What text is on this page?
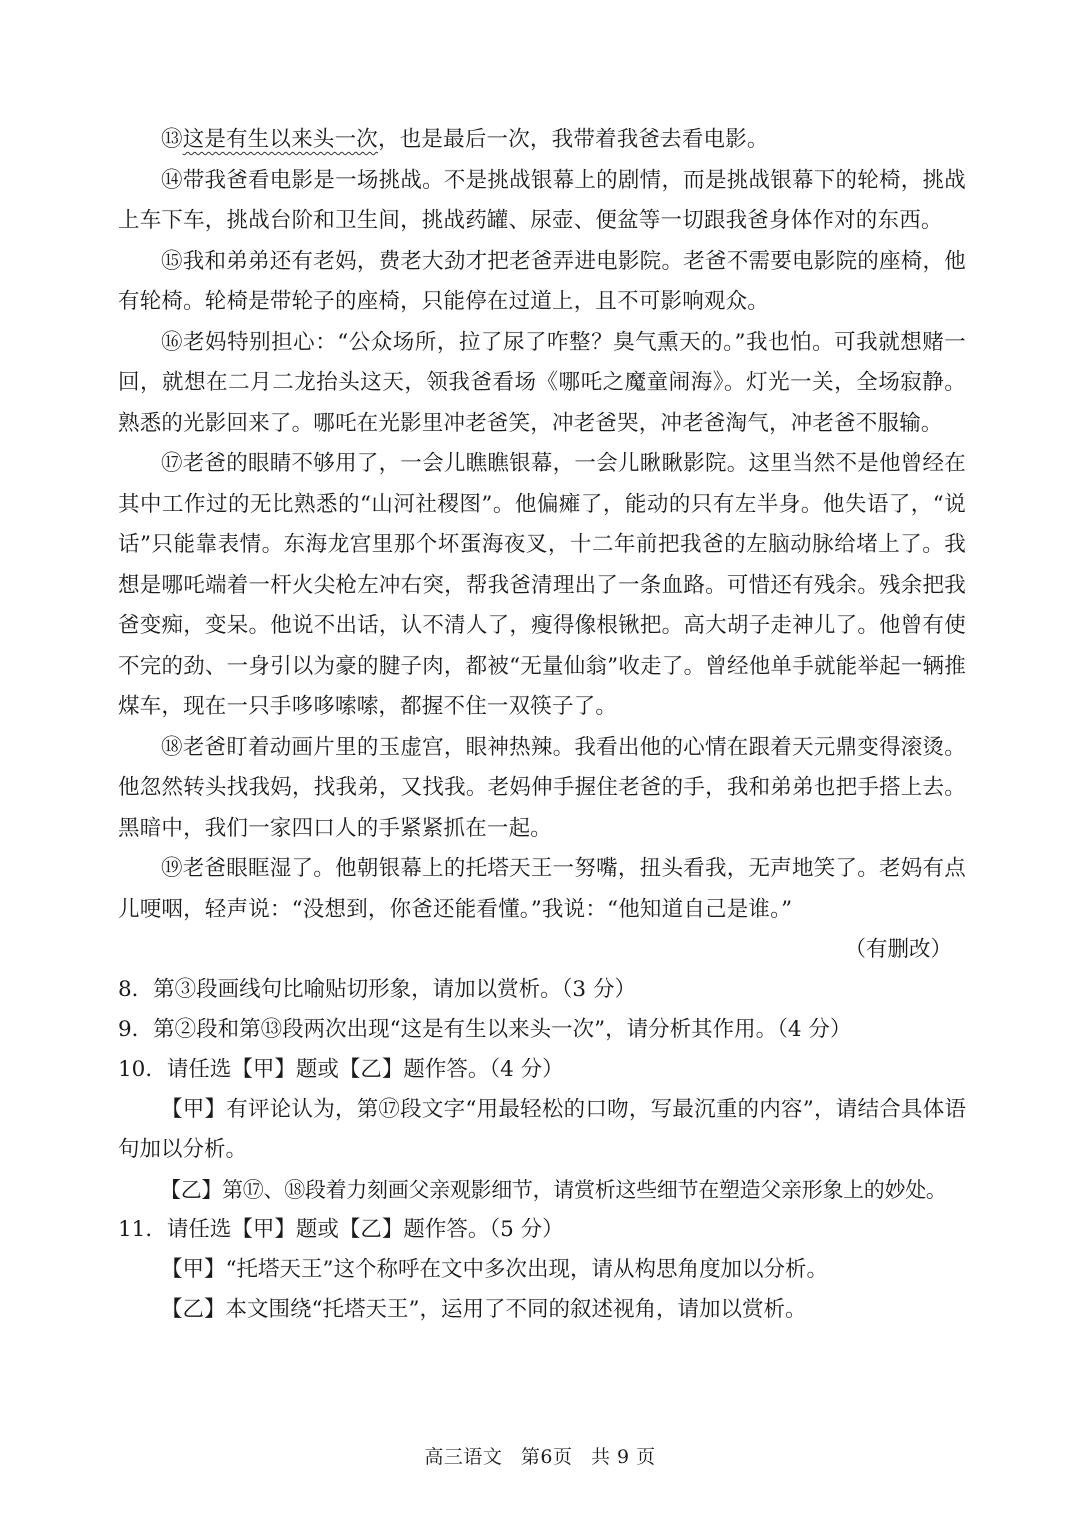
⑬这是有生以来头一次，也是最后一次，我带着我爸去看电影。

⑭带我爸看电影是一场挑战。不是挑战银幕上的剧情，而是挑战银幕下的轮椅，挑战上车下车，挑战台阶和卫生间，挑战药罐、尿壶、便盆等一切跟我爸身体作对的东西。

⑮我和弟弟还有老妈，费老大劲才把老爸弄进电影院。老爸不需要电影院的座椅，他有轮椅。轮椅是带轮子的座椅，只能停在过道上，且不可影响观众。

⑯老妈特别担心：“公众场所，拉了尿了咋整？臭气熏天的。”我也怕。可我就想赌一回，就想在二月二龙抬头这天，领我爸看场《哪吒之魔童闹海》。灯光一关，全场寂静。熟悉的光影回来了。哪吒在光影里冲老爸笑，冲老爸哭，冲老爸淘气，冲老爸不服输。

⑰老爸的眼睛不够用了，一会儿瞧瞧银幕，一会儿瞅瞅影院。这里当然不是他曾经在其中工作过的无比熟悉的“山河社稷图”。他偏瘫了，能动的只有左半身。他失语了，“说话”只能靠表情。东海龙宫里那个坏蛋海夜叉，十二年前把我爸的左脑动脉给堵上了。我想是哪吒端着一杆火尖枪左冲右突，帮我爸清理出了一条血路。可惜还有残余。残余把我爸变痴，变呆。他说不出话，认不清人了，瘦得像根锹把。高大胡子走神儿了。他曾有使不完的劲、一身引以为豪的腱子肉，都被“无量仙翁”收走了。曾经他单手就能举起一辆推煤车，现在一只手哆哆嗦嗦，都握不住一双筷子了。

⑱老爸盯着动画片里的玉虚宫，眼神热辣。我看出他的心情在跟着天元鼎变得滚烫。他忽然转头找我妈，找我弟，又找我。老妈伸手握住老爸的手，我和弟弟也把手搭上去。黑暗中，我们一家四口人的手紧紧抓在一起。

⑲老爸眼眶湿了。他朝银幕上的托塔天王一努嘴，扭头看我，无声地笑了。老妈有点儿哽咽，轻声说：“没想到，你爸还能看懂。”我说：“他知道自己是谁。”

（有删改）

8．第③段画线句比喻贴切形象，请加以赏析。（3 分）

9．第②段和第⑬段两次出现“这是有生以来头一次”，请分析其作用。（4 分）

10．请任选【甲】题或【乙】题作答。（4 分）

【甲】有评论认为，第⑰段文字“用最轻松的口吻，写最沉重的内容”，请结合具体语句加以分析。

【乙】第⑰、⑱段着力刻画父亲观影细节，请赏析这些细节在塑造父亲形象上的妙处。

11．请任选【甲】题或【乙】题作答。（5 分）

【甲】“托塔天王”这个称呼在文中多次出现，请从构思角度加以分析。

【乙】本文围绕“托塔天王”，运用了不同的叙述视角，请加以赏析。

高三语文 第6页 共 9 页
